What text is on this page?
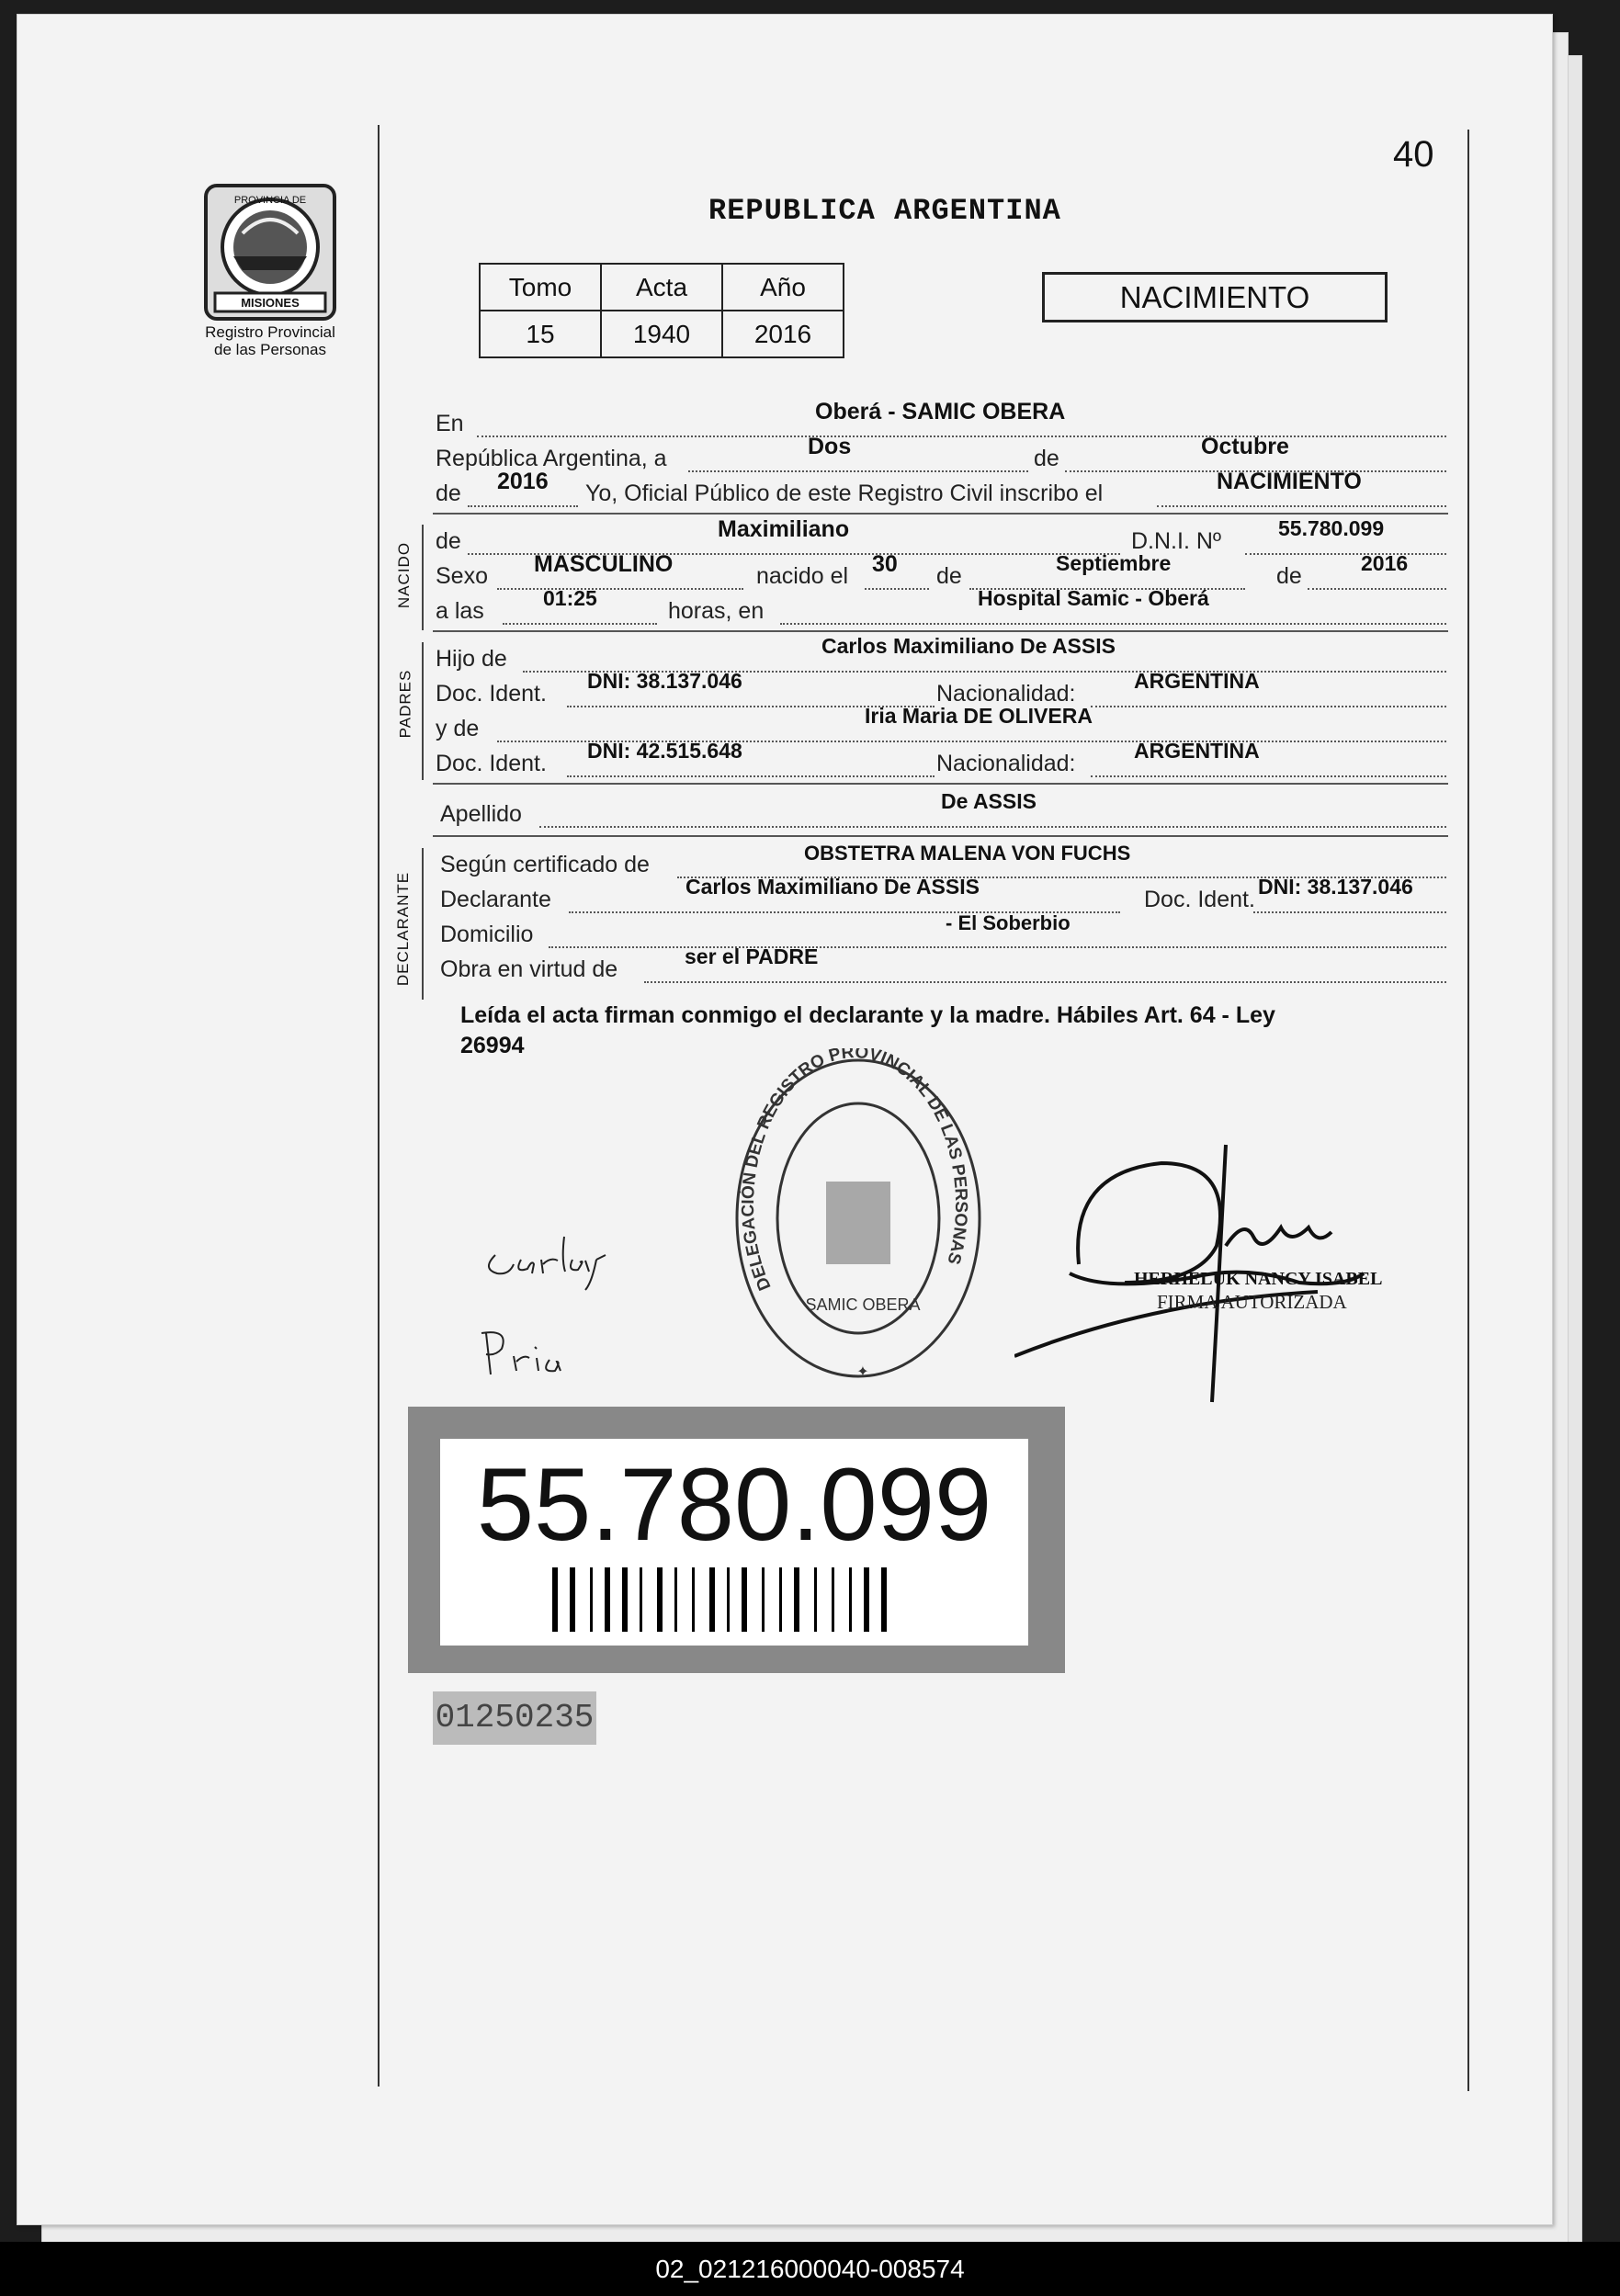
40
MISIONES
PROVINCIA DE
Registro Provincial
de las Personas
REPUBLICA ARGENTINA
Tomo	Acta	Año
15	1940	2016
NACIMIENTO
En	Oberá - SAMIC OBERA
República Argentina, a	Dos	de	Octubre
de 2016 Yo, Oficial Público de este Registro Civil inscribo el	NACIMIENTO
NACIDO
de	Maximiliano	D.N.I. Nº	55.780.099
Sexo MASCULINO	nacido el 30 de	Septiembre	de	2016
a las	01:25	horas, en	Hospital Samic - Oberá
PADRES
Hijo de	Carlos Maximiliano De ASSIS
Doc. Ident. DNI: 38.137.046	Nacionalidad:	ARGENTINA
y de	Iria Maria DE OLIVERA
Doc. Ident. DNI: 42.515.648	Nacionalidad:	ARGENTINA
Apellido	De ASSIS
DECLARANTE
Según certificado de	OBSTETRA MALENA VON FUCHS
Declarante	Carlos Maximiliano De ASSIS	Doc. Ident. DNI: 38.137.046
Domicilio	- El Soberbio
Obra en virtud de	ser el PADRE
Leída el acta firman conmigo el declarante y la madre. Hábiles Art. 64 - Ley
26994
DELEGACIÓN DEL REGISTRO PROVINCIAL DE LAS PERSONAS
SAMIC OBERA
✦
HERHELUK NANCY ISABEL
FIRMA AUTORIZADA
55.780.099
01250235
02_021216000040-008574
